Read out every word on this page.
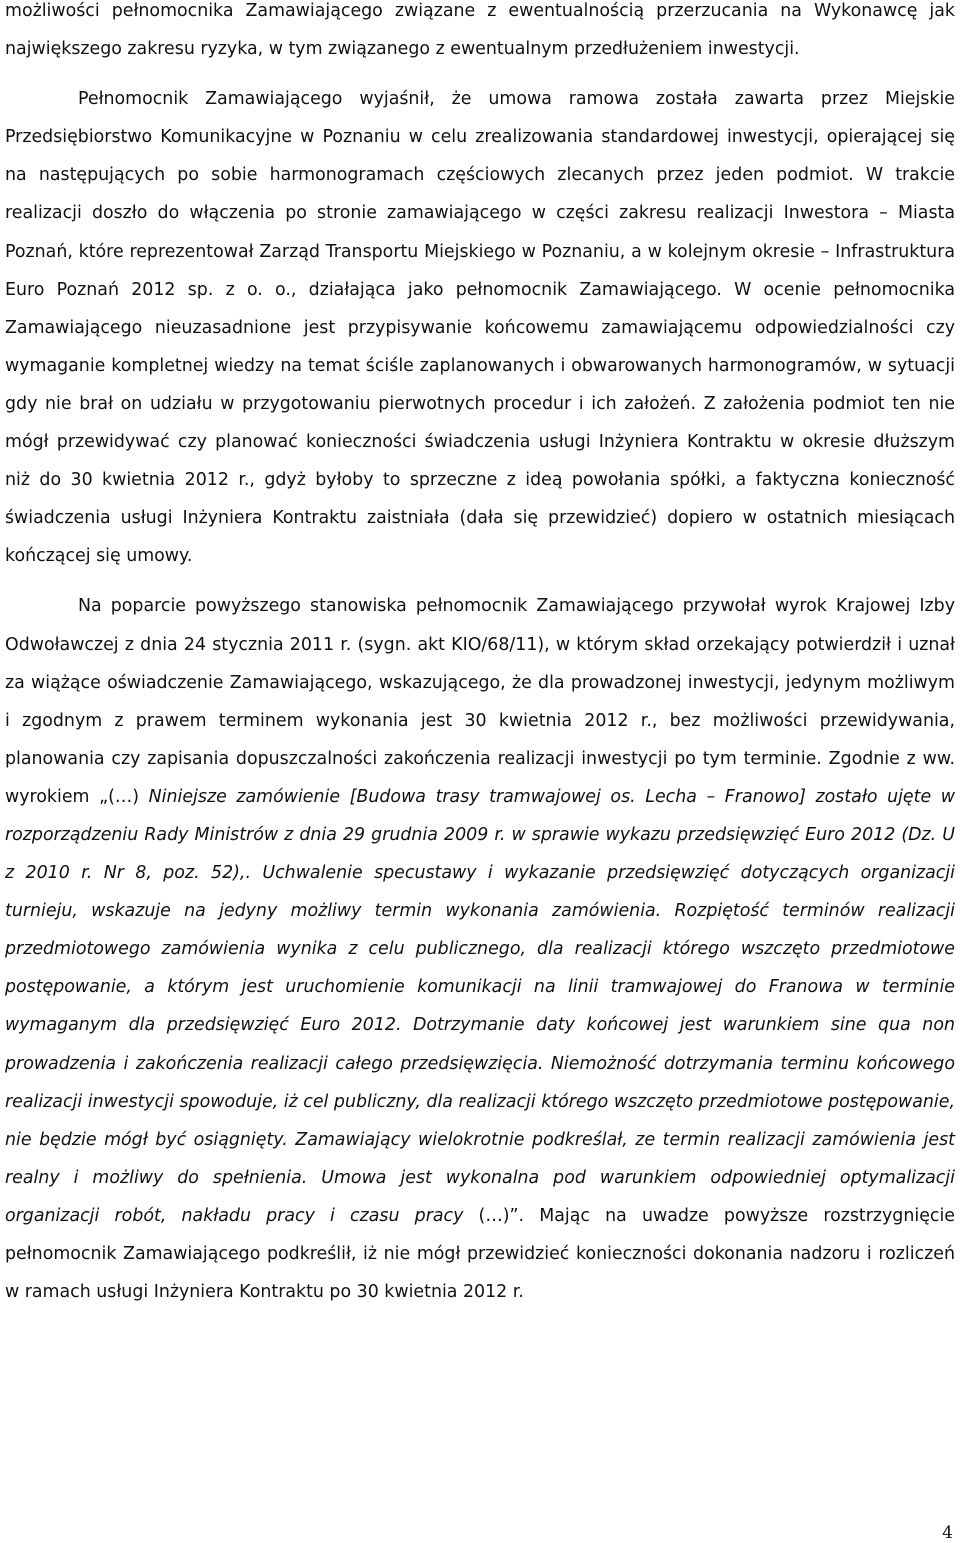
możliwości pełnomocnika Zamawiającego związane z ewentualnością przerzucania na Wykonawcę jak największego zakresu ryzyka, w tym związanego z ewentualnym przedłużeniem inwestycji.

Pełnomocnik Zamawiającego wyjaśnił, że umowa ramowa została zawarta przez Miejskie Przedsiębiorstwo Komunikacyjne w Poznaniu w celu zrealizowania standardowej inwestycji, opierającej się na następujących po sobie harmonogramach częściowych zlecanych przez jeden podmiot. W trakcie realizacji doszło do włączenia po stronie zamawiającego w części zakresu realizacji Inwestora – Miasta Poznań, które reprezentował Zarząd Transportu Miejskiego w Poznaniu, a w kolejnym okresie – Infrastruktura Euro Poznań 2012 sp. z o. o., działająca jako pełnomocnik Zamawiającego. W ocenie pełnomocnika Zamawiającego nieuzasadnione jest przypisywanie końcowemu zamawiającemu odpowiedzialności czy wymaganie kompletnej wiedzy na temat ściśle zaplanowanych i obwarowanych harmonogramów, w sytuacji gdy nie brał on udziału w przygotowaniu pierwotnych procedur i ich założeń. Z założenia podmiot ten nie mógł przewidywać czy planować konieczności świadczenia usługi Inżyniera Kontraktu w okresie dłuższym niż do 30 kwietnia 2012 r., gdyż byłoby to sprzeczne z ideą powołania spółki, a faktyczna konieczność świadczenia usługi Inżyniera Kontraktu zaistniała (dała się przewidzieć) dopiero w ostatnich miesiącach kończącej się umowy.

Na poparcie powyższego stanowiska pełnomocnik Zamawiającego przywołał wyrok Krajowej Izby Odwoławczej z dnia 24 stycznia 2011 r. (sygn. akt KIO/68/11), w którym skład orzekający potwierdził i uznał za wiążące oświadczenie Zamawiającego, wskazującego, że dla prowadzonej inwestycji, jedynym możliwym i zgodnym z prawem terminem wykonania jest 30 kwietnia 2012 r., bez możliwości przewidywania, planowania czy zapisania dopuszczalności zakończenia realizacji inwestycji po tym terminie. Zgodnie z ww. wyrokiem „(…) Niniejsze zamówienie [Budowa trasy tramwajowej os. Lecha – Franowo] zostało ujęte w rozporządzeniu Rady Ministrów z dnia 29 grudnia 2009 r. w sprawie wykazu przedsięwzięć Euro 2012 (Dz. U z 2010 r. Nr 8, poz. 52),. Uchwalenie specustawy i wykazanie przedsięwzięć dotyczących organizacji turnieju, wskazuje na jedyny możliwy termin wykonania zamówienia. Rozpiętość terminów realizacji przedmiotowego zamówienia wynika z celu publicznego, dla realizacji którego wszczęto przedmiotowe postępowanie, a którym jest uruchomienie komunikacji na linii tramwajowej do Franowa w terminie wymaganym dla przedsięwzięć Euro 2012. Dotrzymanie daty końcowej jest warunkiem sine qua non prowadzenia i zakończenia realizacji całego przedsięwzięcia. Niemożność dotrzymania terminu końcowego realizacji inwestycji spowoduje, iż cel publiczny, dla realizacji którego wszczęto przedmiotowe postępowanie, nie będzie mógł być osiągnięty. Zamawiający wielokrotnie podkreślał, ze termin realizacji zamówienia jest realny i możliwy do spełnienia. Umowa jest wykonalna pod warunkiem odpowiedniej optymalizacji organizacji robót, nakładu pracy i czasu pracy (…)”. Mając na uwadze powyższe rozstrzygnięcie pełnomocnik Zamawiającego podkreślił, iż nie mógł przewidzieć konieczności dokonania nadzoru i rozliczeń w ramach usługi Inżyniera Kontraktu po 30 kwietnia 2012 r.

4
